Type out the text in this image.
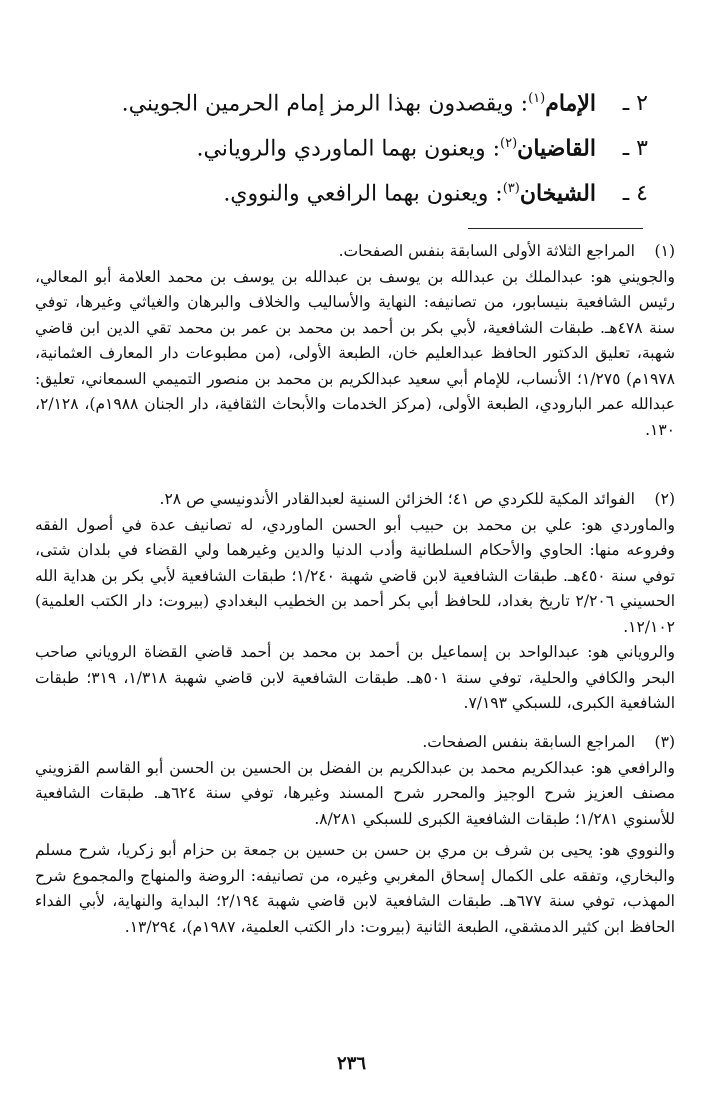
٢ ـالإمام$^{(١)}$: ويقصدون بهذا الرمز إمام الحرمين الجويني.
٣ ـالقاضيان$^{(٢)}$: ويعنون بهما الماوردي والروياني.
٤ ـالشيخان$^{(٣)}$: ويعنون بهما الرافعي والنووي.
(١)
المراجع الثلاثة الأولى السابقة بنفس الصفحات.
والجويني هو: عبدالملك بن عبدالله بن يوسف بن عبدالله بن يوسف بن محمد العلامة أبو المعالي، رئيس الشافعية بنيسابور، من تصانيفه: النهاية والأساليب والخلاف والبرهان والغياثي وغيرها، توفي سنة ٤٧٨هـ. طبقات الشافعية، لأبي بكر بن أحمد بن محمد بن عمر بن محمد تقي الدين ابن قاضي شهبة، تعليق الدكتور الحافظ عبدالعليم خان، الطبعة الأولى، (من مطبوعات دار المعارف العثمانية، ١٩٧٨م) ١/٢٧٥؛ الأنساب، للإمام أبي سعيد عبدالكريم بن محمد بن منصور التميمي السمعاني، تعليق: عبدالله عمر البارودي، الطبعة الأولى، (مركز الخدمات والأبحاث الثقافية، دار الجنان ١٩٨٨م)، ٢/١٢٨، ١٣٠.
(٢)
الفوائد المكية للكردي ص ٤١؛ الخزائن السنية لعبدالقادر الأندونيسي ص ٢٨.
والماوردي هو: علي بن محمد بن حبيب أبو الحسن الماوردي، له تصانيف عدة في أصول الفقه وفروعه منها: الحاوي والأحكام السلطانية وأدب الدنيا والدين وغيرهما ولي القضاء في بلدان شتى، توفي سنة ٤٥٠هـ. طبقات الشافعية لابن قاضي شهبة ١/٢٤٠؛ طبقات الشافعية لأبي بكر بن هداية الله الحسيني ٢/٢٠٦ تاريخ بغداد، للحافظ أبي بكر أحمد بن الخطيب البغدادي (بيروت: دار الكتب العلمية) ١٢/١٠٢.
والروياني هو: عبدالواحد بن إسماعيل بن أحمد بن محمد بن أحمد قاضي القضاة الروياني صاحب البحر والكافي والحلية، توفي سنة ٥٠١هـ. طبقات الشافعية لابن قاضي شهبة ١/٣١٨، ٣١٩؛ طبقات الشافعية الكبرى، للسبكي ٧/١٩٣.
(٣)
المراجع السابقة بنفس الصفحات.
والرافعي هو: عبدالكريم محمد بن عبدالكريم بن الفضل بن الحسين بن الحسن أبو القاسم القزويني مصنف العزيز شرح الوجيز والمحرر شرح المسند وغيرها، توفي سنة ٦٢٤هـ. طبقات الشافعية للأسنوي ١/٢٨١؛ طبقات الشافعية الكبرى للسبكي ٨/٢٨١.
والنووي هو: يحيى بن شرف بن مري بن حسن بن حسين بن جمعة بن حزام أبو زكريا، شرح مسلم والبخاري، وتفقه على الكمال إسحاق المغربي وغيره، من تصانيفه: الروضة والمنهاج والمجموع شرح المهذب، توفي سنة ٦٧٧هـ. طبقات الشافعية لابن قاضي شهبة ٢/١٩٤؛ البداية والنهاية، لأبي الفداء الحافظ ابن كثير الدمشقي، الطبعة الثانية (بيروت: دار الكتب العلمية، ١٩٨٧م)، ١٣/٢٩٤.
٢٣٦
